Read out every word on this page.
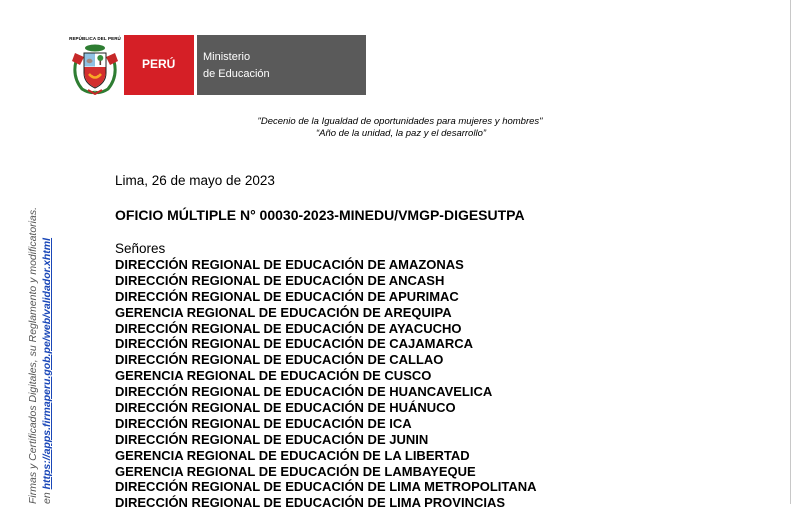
REPÚBLICA DEL PERÚ
PERÚ	Ministerio
de Educación
"Decenio de la Igualdad de oportunidades para mujeres y hombres"
“Año de la unidad, la paz y el desarrollo”
Firmas y Certificados Digitales, su Reglamento y modificatorias. en https://apps.firmaperu.gob.pe/web/validador.xhtml
Lima, 26 de mayo de 2023
OFICIO MÚLTIPLE N° 00030-2023-MINEDU/VMGP-DIGESUTPA
Señores
DIRECCIÓN REGIONAL DE EDUCACIÓN DE AMAZONAS
DIRECCIÓN REGIONAL DE EDUCACIÓN DE ANCASH
DIRECCIÓN REGIONAL DE EDUCACIÓN DE APURIMAC
GERENCIA REGIONAL DE EDUCACIÓN DE AREQUIPA
DIRECCIÓN REGIONAL DE EDUCACIÓN DE AYACUCHO
DIRECCIÓN REGIONAL DE EDUCACIÓN DE CAJAMARCA
DIRECCIÓN REGIONAL DE EDUCACIÓN DE CALLAO
GERENCIA REGIONAL DE EDUCACIÓN DE CUSCO
DIRECCIÓN REGIONAL DE EDUCACIÓN DE HUANCAVELICA
DIRECCIÓN REGIONAL DE EDUCACIÓN DE HUÁNUCO
DIRECCIÓN REGIONAL DE EDUCACIÓN DE ICA
DIRECCIÓN REGIONAL DE EDUCACIÓN DE JUNIN
GERENCIA REGIONAL DE EDUCACIÓN DE LA LIBERTAD
GERENCIA REGIONAL DE EDUCACIÓN DE LAMBAYEQUE
DIRECCIÓN REGIONAL DE EDUCACIÓN DE LIMA METROPOLITANA
DIRECCIÓN REGIONAL DE EDUCACIÓN DE LIMA PROVINCIAS
